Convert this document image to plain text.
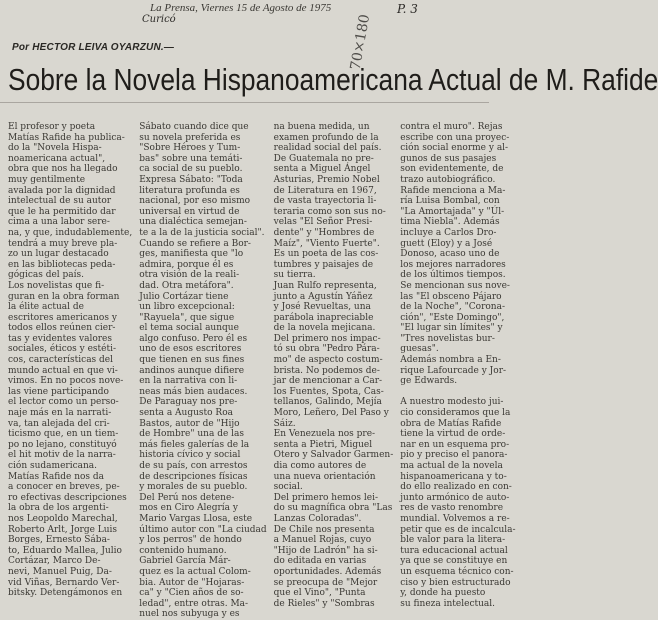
La Prensa, Viernes 15 de Agosto de 1975
Curicó
P. 3
70×180
Por HECTOR LEIVA OYARZUN.—
Sobre la Novela Hispanoamericana Actual de M. Rafide
El profesor y poeta
Matías Rafide ha publica-
do la "Novela Hispa-
noamericana actual",
obra que nos ha llegado
muy gentilmente
avalada por la dignidad
intelectual de su autor
que le ha permitido dar
cima a una labor sere-
na, y que, indudablemente,
tendrá a muy breve pla-
zo un lugar destacado
en las bibliotecas peda-
gógicas del país.
Los novelistas que fi-
guran en la obra forman
la élite actual de
escritores americanos y
todos ellos reúnen cier-
tas y evidentes valores
sociales, éticos y estéti-
cos, características del
mundo actual en que vi-
vimos. En no pocos nove-
las viene participando
el lector como un perso-
naje más en la narrati-
va, tan alejada del cri-
ticismo que, en un tiem-
po no lejano, constituyó
el hit motiv de la narra-
ción sudamericana.
Matías Rafide nos da
a conocer en breves, pe-
ro efectivas descripciones
la obra de los argenti-
nos Leopoldo Marechal,
Roberto Arlt, Jorge Luis
Borges, Ernesto Sába-
to, Eduardo Mallea, Julio
Cortázar, Marco De-
nevi, Manuel Puig, Da-
vid Viñas, Bernardo Ver-
bitsky. Detengámonos en
Sábato cuando dice que
su novela preferida es
"Sobre Héroes y Tum-
bas" sobre una temáti-
ca social de su pueblo.
Expresa Sábato: "Toda
literatura profunda es
nacional, por eso mismo
universal en virtud de
una dialéctica semejan-
te a la de la justicia social".
Cuando se refiere a Bor-
ges, manifiesta que "lo
admira, porque él es
otra visión de la reali-
dad. Otra metáfora".
Julio Cortázar tiene
un libro excepcional:
"Rayuela", que sigue
el tema social aunque
algo confuso. Pero él es
uno de esos escritores
que tienen en sus fines
andinos aunque difiere
en la narrativa con li-
neas más bien audaces.
De Paraguay nos pre-
senta a Augusto Roa
Bastos, autor de "Hijo
de Hombre" una de las
más fieles galerías de la
historia cívico y social
de su país, con arrestos
de descripciones físicas
y morales de su pueblo.
Del Perú nos detene-
mos en Ciro Alegría y
Mario Vargas Llosa, este
último autor con "La ciudad
y los perros" de hondo
contenido humano.
Gabriel García Már-
quez es la actual Colom-
bia. Autor de "Hojaras-
ca" y "Cien años de so-
ledad", entre otras. Ma-
nuel nos subyuga y es
na buena medida, un
examen profundo de la
realidad social del país.
De Guatemala no pre-
senta a Miguel Ángel
Asturias, Premio Nobel
de Literatura en 1967,
de vasta trayectoria li-
teraria como son sus no-
velas "El Señor Presi-
dente" y "Hombres de
Maíz", "Viento Fuerte".
Es un poeta de las cos-
tumbres y paisajes de
su tierra.
Juan Rulfo representa,
junto a Agustín Yáñez
y José Revueltas, una
parábola inapreciable
de la novela mejicana.
Del primero nos impac-
tó su obra "Pedro Pára-
mo" de aspecto costum-
brista. No podemos de-
jar de mencionar a Car-
los Fuentes, Spota, Cas-
tellanos, Galindo, Mejía
Moro, Leñero, Del Paso y
Sáiz.
En Venezuela nos pre-
senta a Pietri, Miguel
Otero y Salvador Garmen-
dia como autores de
una nueva orientación
social.
Del primero hemos lei-
do su magnífica obra "Las
Lanzas Coloradas".
De Chile nos presenta
a Manuel Rojas, cuyo
"Hijo de Ladrón" ha si-
do editada en varias
oportunidades. Además
se preocupa de "Mejor
que el Vino", "Punta
de Rieles" y "Sombras
contra el muro". Rejas
escribe con una proyec-
ción social enorme y al-
gunos de sus pasajes
son evidentemente, de
trazo autobiográfico.
Rafide menciona a Ma-
ría Luisa Bombal, con
"La Amortajada" y "Úl-
tima Niebla". Además
incluye a Carlos Dro-
guett (Eloy) y a José
Donoso, acaso uno de
los mejores narradores
de los últimos tiempos.
Se mencionan sus nove-
las "El obsceno Pájaro
de la Noche", "Corona-
ción", "Este Domingo",
"El lugar sin límites" y
"Tres novelistas bur-
guesas".
Además nombra a En-
rique Lafourcade y Jor-
ge Edwards.

A nuestro modesto jui-
cio consideramos que la
obra de Matías Rafide
tiene la virtud de orde-
nar en un esquema pro-
pio y preciso el panora-
ma actual de la novela
hispanoamericana y to-
do ello realizado en con-
junto armónico de auto-
res de vasto renombre
mundial. Volvemos a re-
petir que es de incalcula-
ble valor para la litera-
tura educacional actual
ya que se constituye en
un esquema técnico con-
ciso y bien estructurado
y, donde ha puesto
su fineza intelectual.
